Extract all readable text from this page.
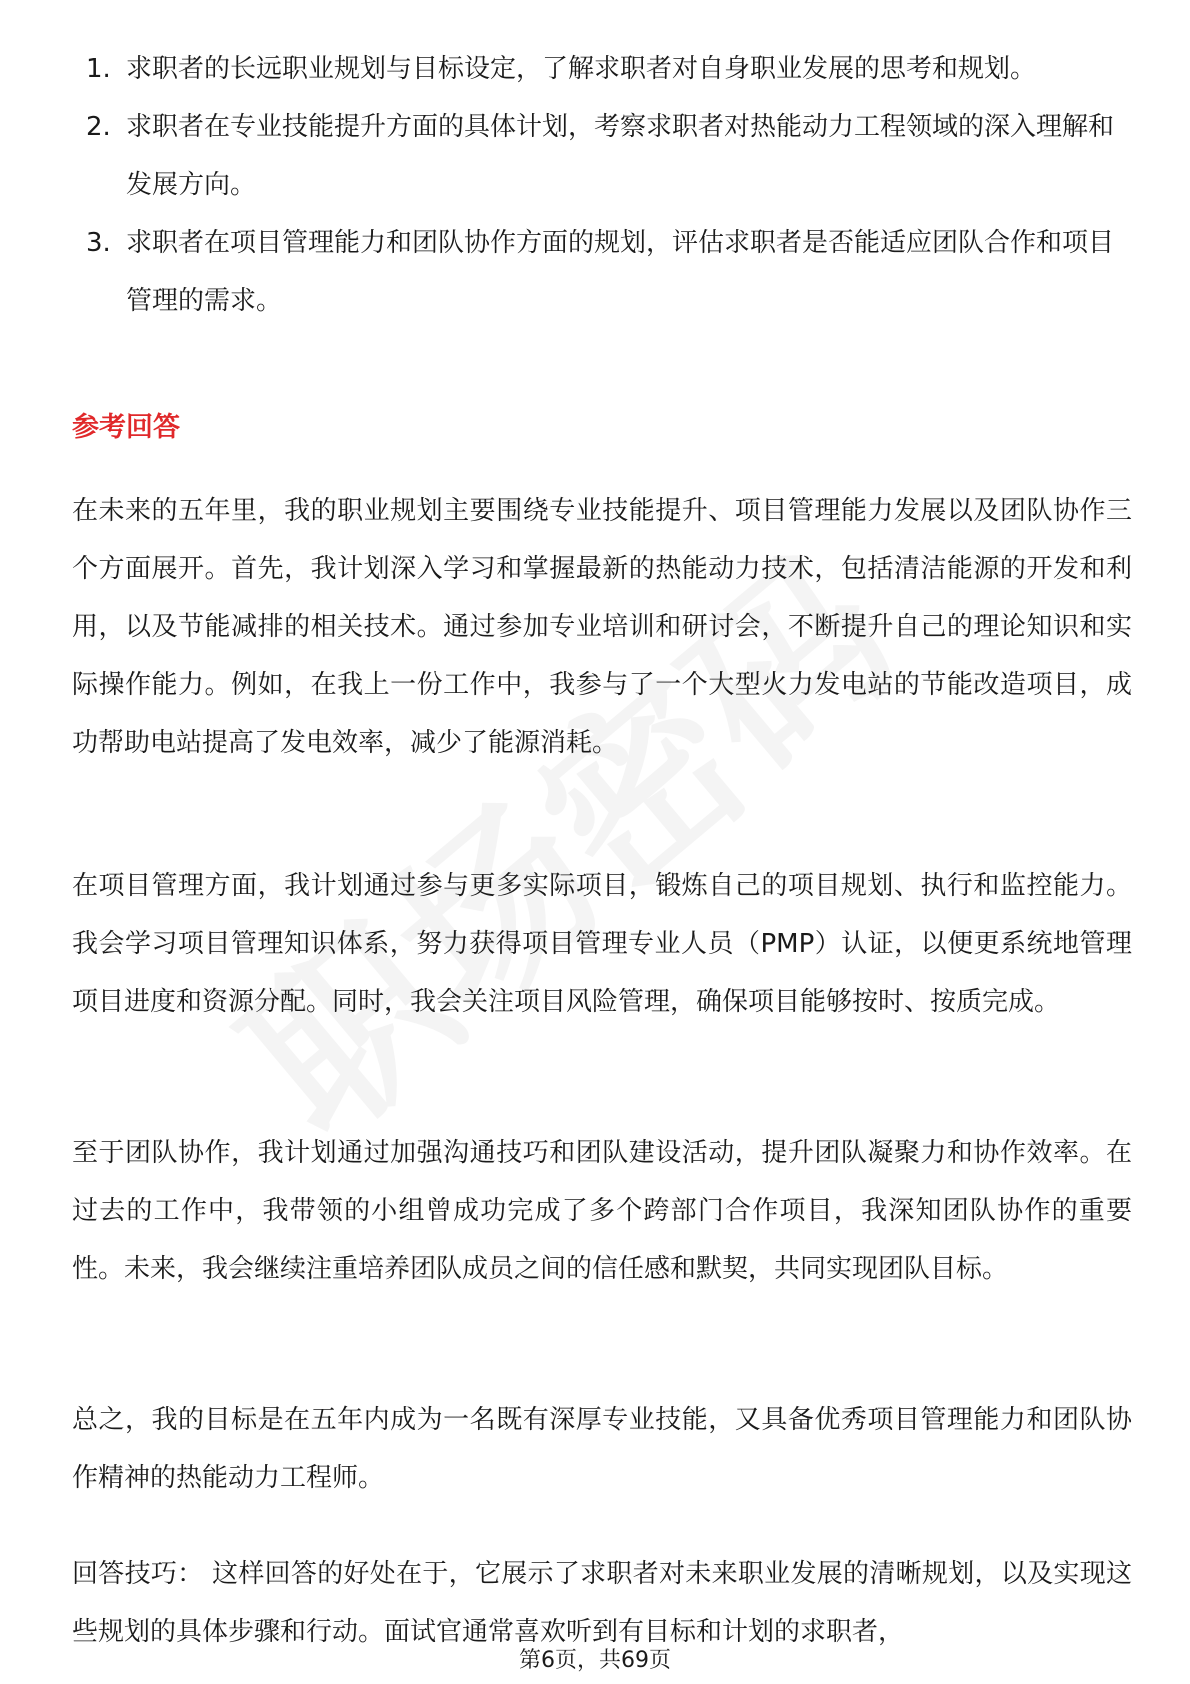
1. 求职者的长远职业规划与目标设定，了解求职者对自身职业发展的思考和规划。
2. 求职者在专业技能提升方面的具体计划，考察求职者对热能动力工程领域的深入理解和发展方向。
3. 求职者在项目管理能力和团队协作方面的规划，评估求职者是否能适应团队合作和项目管理的需求。
参考回答

在未来的五年里，我的职业规划主要围绕专业技能提升、项目管理能力发展以及团队协作三个方面展开。首先，我计划深入学习和掌握最新的热能动力技术，包括清洁能源的开发和利用，以及节能减排的相关技术。通过参加专业培训和研讨会，不断提升自己的理论知识和实际操作能力。例如，在我上一份工作中，我参与了一个大型火力发电站的节能改造项目，成功帮助电站提高了发电效率，减少了能源消耗。

在项目管理方面，我计划通过参与更多实际项目，锻炼自己的项目规划、执行和监控能力。我会学习项目管理知识体系，努力获得项目管理专业人员（PMP）认证，以便更系统地管理项目进度和资源分配。同时，我会关注项目风险管理，确保项目能够按时、按质完成。

至于团队协作，我计划通过加强沟通技巧和团队建设活动，提升团队凝聚力和协作效率。在过去的工作中，我带领的小组曾成功完成了多个跨部门合作项目，我深知团队协作的重要性。未来，我会继续注重培养团队成员之间的信任感和默契，共同实现团队目标。

总之，我的目标是在五年内成为一名既有深厚专业技能，又具备优秀项目管理能力和团队协作精神的热能动力工程师。

回答技巧： 这样回答的好处在于，它展示了求职者对未来职业发展的清晰规划，以及实现这些规划的具体步骤和行动。面试官通常喜欢听到有目标和计划的求职者，

第6页，共69页
